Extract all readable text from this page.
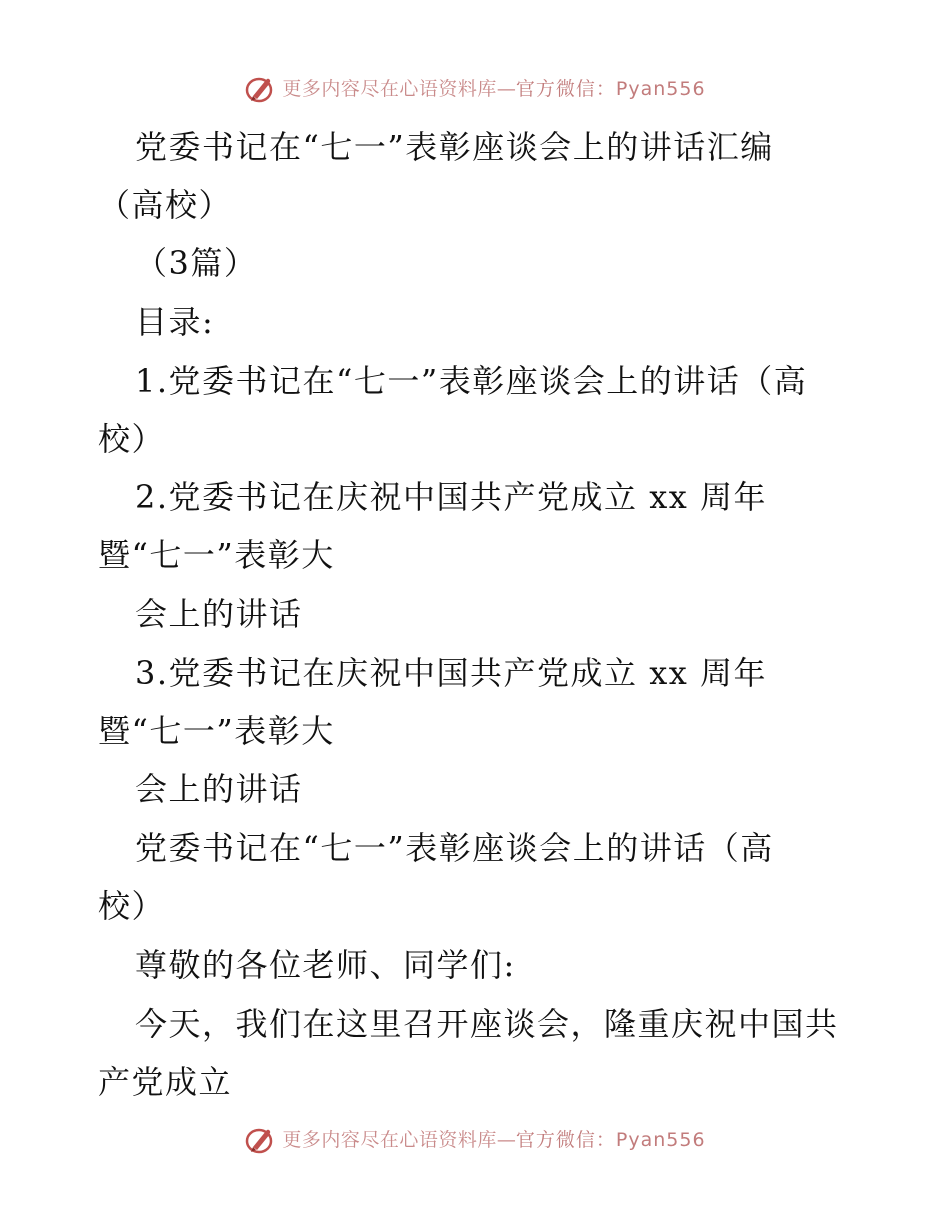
更多内容尽在心语资料库 — 官方微信：Pyan556
党委书记在“七一”表彰座谈会上的讲话汇编
（高校）
（3篇）
目录:
1.党委书记在“七一”表彰座谈会上的讲话（高
校）
2.党委书记在庆祝中国共产党成立 xx 周年
暨“七一”表彰大
会上的讲话
3.党委书记在庆祝中国共产党成立 xx 周年
暨“七一”表彰大
会上的讲话
党委书记在“七一”表彰座谈会上的讲话（高
校）
尊敬的各位老师、同学们:
今天，我们在这里召开座谈会，隆重庆祝中国共
产党成立
更多内容尽在心语资料库 — 官方微信：Pyan556
